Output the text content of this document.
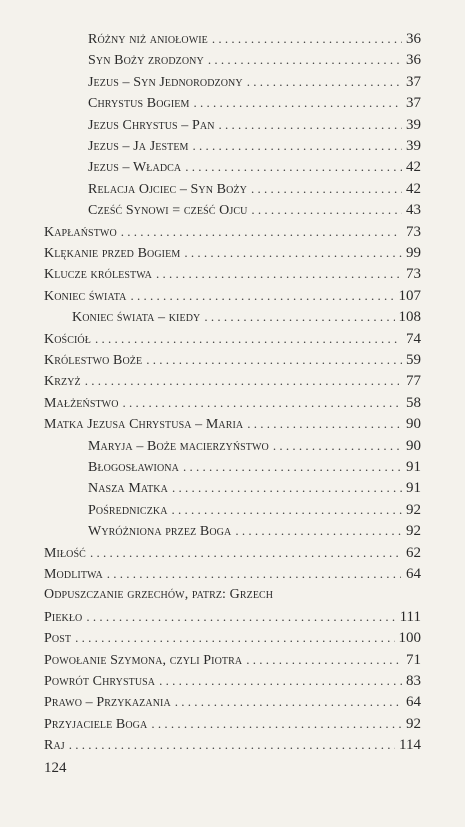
Różny niż aniołowie . . .	36
Syn Boży zrodzony . . .	36
Jezus – Syn Jednorodzony . . .	37
Chrystus Bogiem . . .	37
Jezus Chrystus – Pan . . .	39
Jezus – Ja Jestem . . .	39
Jezus – Władca . . .	42
Relacja Ojciec – Syn Boży . . .	42
Cześć Synowi = cześć Ojcu . . .	43
Kapłaństwo . . .	73
Klękanie przed Bogiem . . .	99
Klucze królestwa . . .	73
Koniec świata . . .	107
Koniec świata – kiedy . . .	108
Kościół . . .	74
Królestwo Boże . . .	59
Krzyż . . .	77
Małżeństwo . . .	58
Matka Jezusa Chrystusa – Maria . . .	90
Maryja – Boże macierzyństwo . . .	90
Błogosławiona . . .	91
Nasza Matka . . .	91
Pośredniczka . . .	92
Wyróżniona przez Boga . . .	92
Miłość . . .	62
Modlitwa . . .	64
Odpuszczanie grzechów, patrz: Grzech
Piekło . . .	111
Post . . .	100
Powołanie Szymona, czyli Piotra . . .	71
Powrót Chrystusa . . .	83
Prawo – Przykazania . . .	64
Przyjaciele Boga . . .	92
Raj . . .	114
124
